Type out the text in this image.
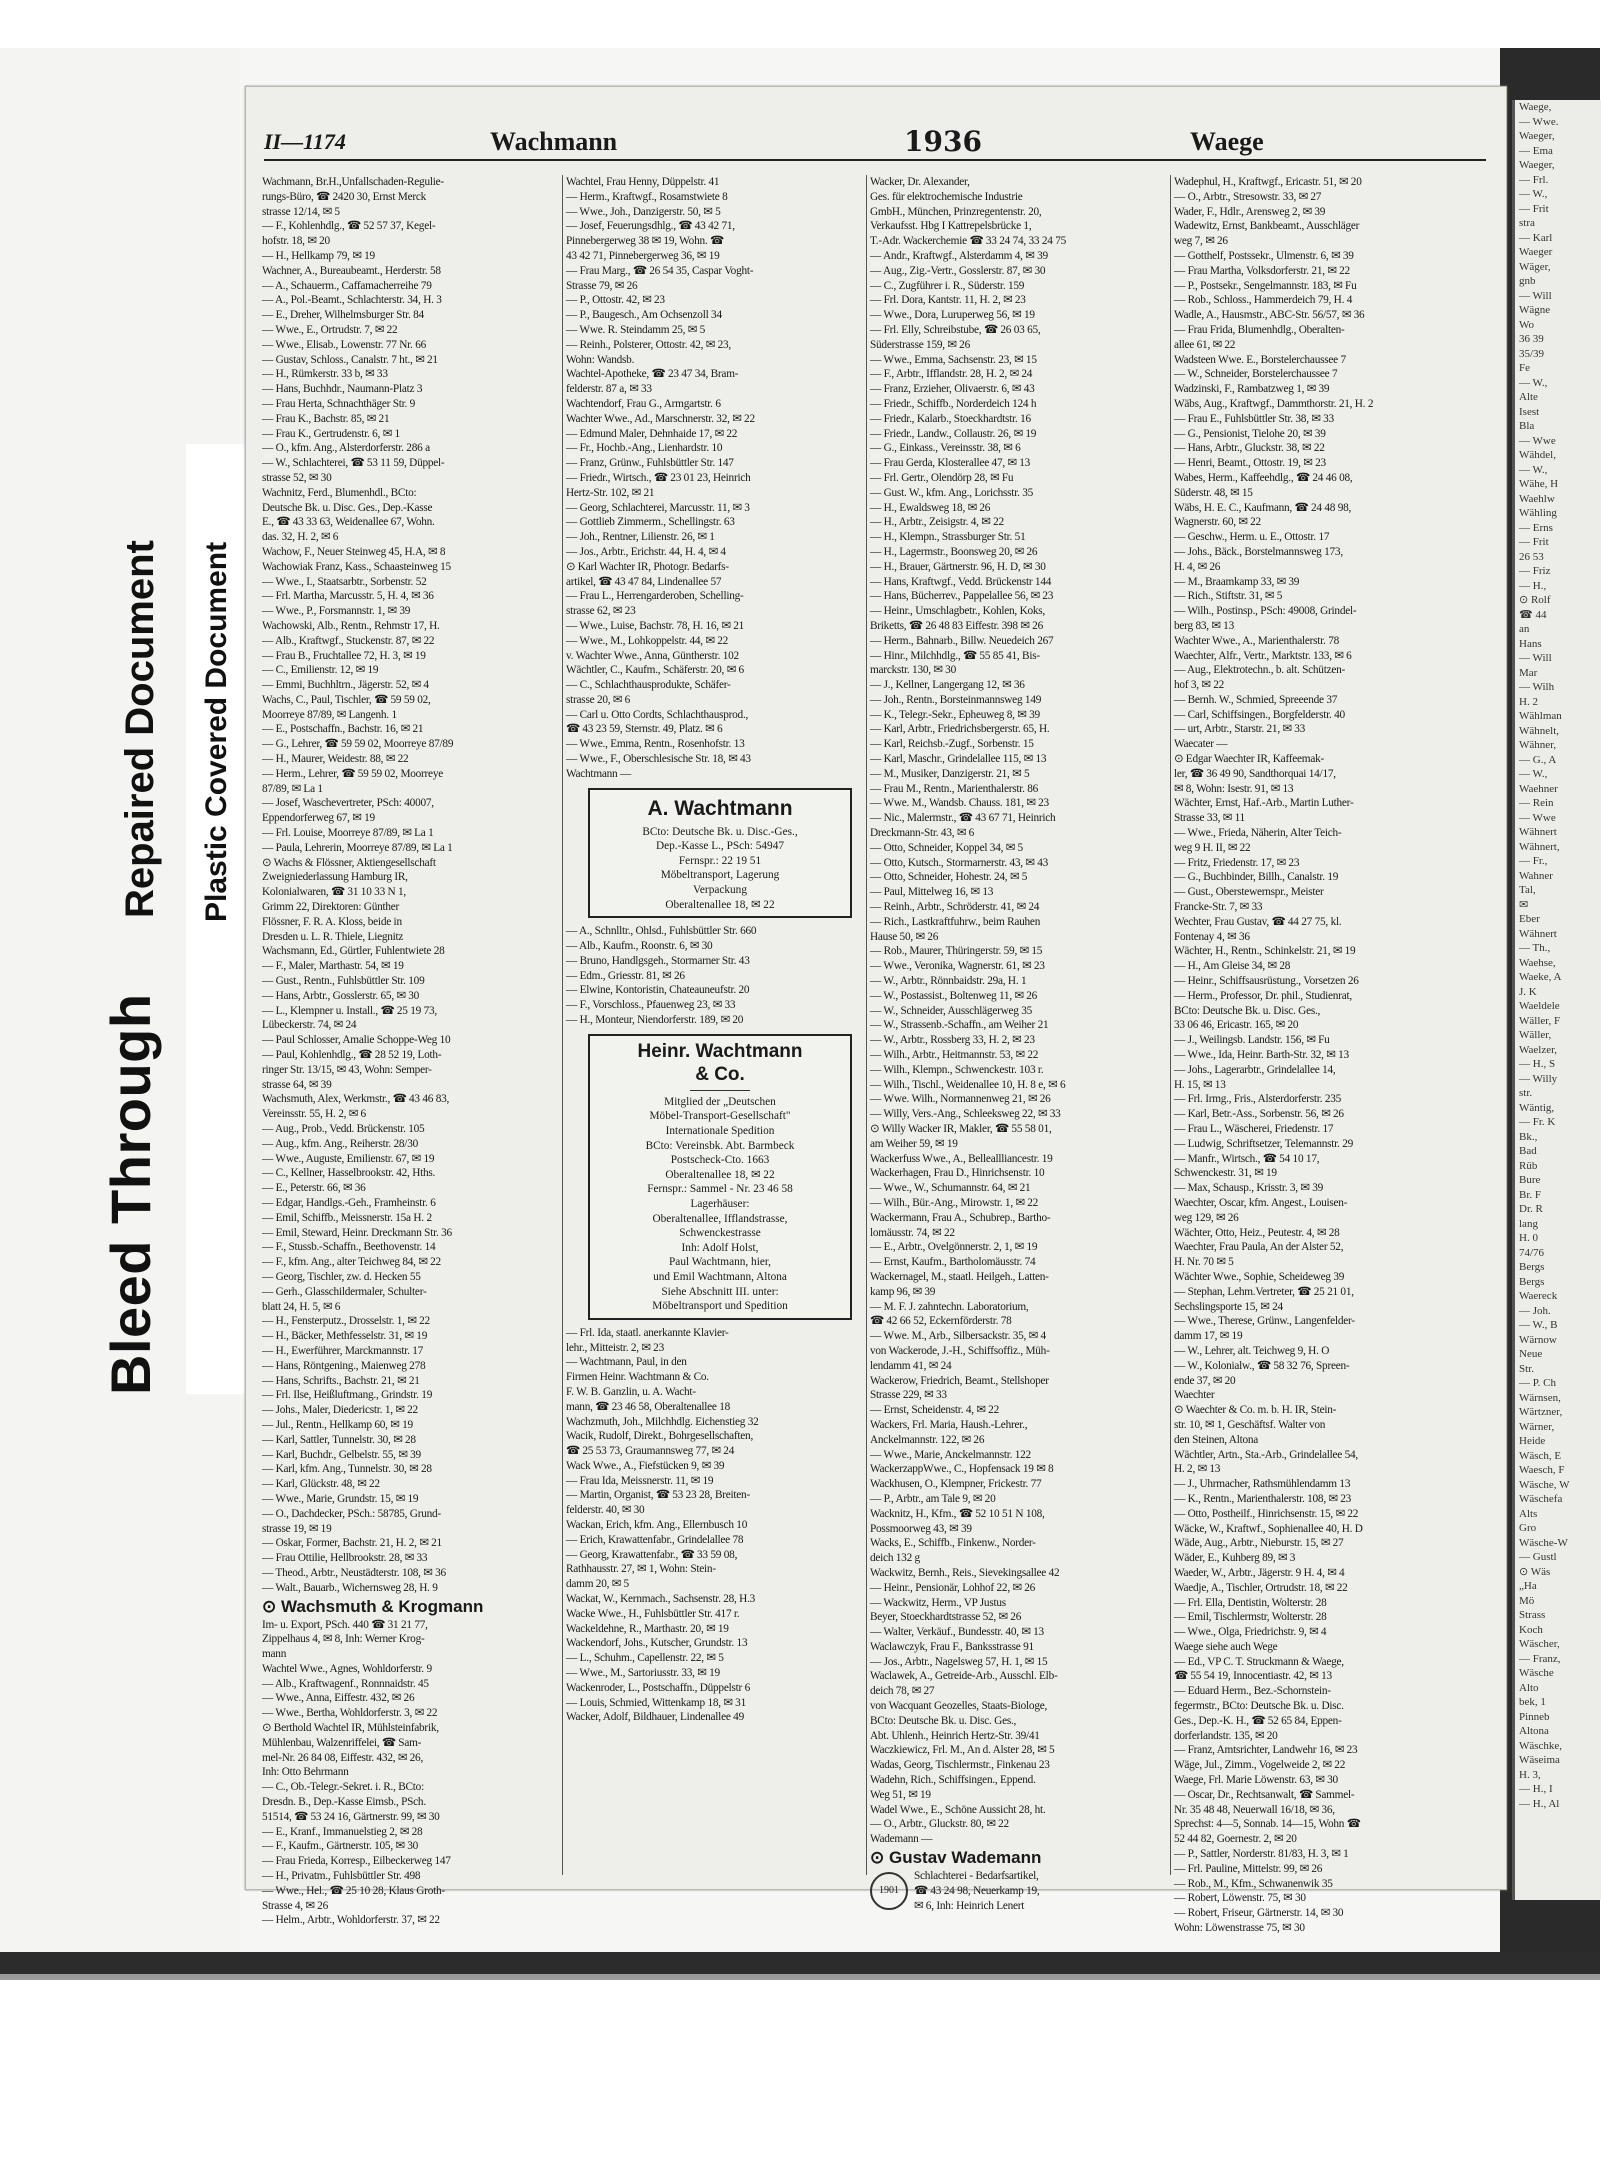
Bleed Through
Repaired Document Plastic Covered Document
II—1174	Wachmann	1936	Waege
Wachmann, Br.H.,Unfallschaden-Regulie-
rungs-Büro, ☎ 2420 30, Ernst Merck
strasse 12/14, ✉ 5
— F., Kohlenhdlg., ☎ 52 57 37, Kegel-
hofstr. 18, ✉ 20
— H., Hellkamp 79, ✉ 19
Wachner, A., Bureaubeamt., Herderstr. 58
— A., Schauerm., Caffamacherreihe 79
— A., Pol.-Beamt., Schlachterstr. 34, H. 3
— E., Dreher, Wilhelmsburger Str. 84
— Wwe., E., Ortrudstr. 7, ✉ 22
— Wwe., Elisab., Lowenstr. 77 Nr. 66
— Gustav, Schloss., Canalstr. 7 ht., ✉ 21
— H., Rümkerstr. 33 b, ✉ 33
— Hans, Buchhdr., Naumann-Platz 3
— Frau Herta, Schnachthäger Str. 9
— Frau K., Bachstr. 85, ✉ 21
— Frau K., Gertrudenstr. 6, ✉ 1
— O., kfm. Ang., Alsterdorferstr. 286 a
— W., Schlachterei, ☎ 53 11 59, Düppel-
strasse 52, ✉ 30
Wachnitz, Ferd., Blumenhdl., BCto:
Deutsche Bk. u. Disc. Ges., Dep.-Kasse
E., ☎ 43 33 63, Weidenallee 67, Wohn.
das. 32, H. 2, ✉ 6
Wachow, F., Neuer Steinweg 45, H.A, ✉ 8
Wachowiak Franz, Kass., Schaasteinweg 15
— Wwe., I., Staatsarbtr., Sorbenstr. 52
— Frl. Martha, Marcusstr. 5, H. 4, ✉ 36
— Wwe., P., Forsmannstr. 1, ✉ 39
Wachowski, Alb., Rentn., Rehmstr 17, H.
— Alb., Kraftwgf., Stuckenstr. 87, ✉ 22
— Frau B., Fruchtallee 72, H. 3, ✉ 19
— C., Emilienstr. 12, ✉ 19
— Emmi, Buchhltrn., Jägerstr. 52, ✉ 4
Wachs, C., Paul, Tischler, ☎ 59 59 02,
Moorreye 87/89, ✉ Langenh. 1
— E., Postschaffn., Bachstr. 16, ✉ 21
— G., Lehrer, ☎ 59 59 02, Moorreye 87/89
— H., Maurer, Weidestr. 88, ✉ 22
— Herm., Lehrer, ☎ 59 59 02, Moorreye
87/89, ✉ La 1
— Josef, Waschevertreter, PSch: 40007,
Eppendorferweg 67, ✉ 19
— Frl. Louise, Moorreye 87/89, ✉ La 1
— Paula, Lehrerin, Moorreye 87/89, ✉ La 1
⊙ Wachs & Flössner, Aktiengesellschaft
Zweigniederlassung Hamburg IR,
Kolonialwaren, ☎ 31 10 33 N 1,
Grimm 22, Direktoren: Günther
Flössner, F. R. A. Kloss, beide in
Dresden u. L. R. Thiele, Liegnitz
Wachsmann, Ed., Gürtler, Fuhlentwiete 28
— F., Maler, Marthastr. 54, ✉ 19
— Gust., Rentn., Fuhlsbüttler Str. 109
— Hans, Arbtr., Gosslerstr. 65, ✉ 30
— L., Klempner u. Install., ☎ 25 19 73,
Lübeckerstr. 74, ✉ 24
— Paul Schlosser, Amalie Schoppe-Weg 10
— Paul, Kohlenhdlg., ☎ 28 52 19, Loth-
ringer Str. 13/15, ✉ 43, Wohn: Semper-
strasse 64, ✉ 39
Wachsmuth, Alex, Werkmstr., ☎ 43 46 83,
Vereinsstr. 55, H. 2, ✉ 6
— Aug., Prob., Vedd. Brückenstr. 105
— Aug., kfm. Ang., Reiherstr. 28/30
— Wwe., Auguste, Emilienstr. 67, ✉ 19
— C., Kellner, Hasselbrookstr. 42, Hths.
— E., Peterstr. 66, ✉ 36
— Edgar, Handlgs.-Geh., Framheinstr. 6
— Emil, Schiffb., Meissnerstr. 15a H. 2
— Emil, Steward, Heinr. Dreckmann Str. 36
— F., Stussb.-Schaffn., Beethovenstr. 14
— F., kfm. Ang., alter Teichweg 84, ✉ 22
— Georg, Tischler, zw. d. Hecken 55
— Gerh., Glasschildermaler, Schulter-
blatt 24, H. 5, ✉ 6
— H., Fensterputz., Drosselstr. 1, ✉ 22
— H., Bäcker, Methfesselstr. 31, ✉ 19
— H., Ewerführer, Marckmannstr. 17
— Hans, Röntgening., Maienweg 278
— Hans, Schrifts., Bachstr. 21, ✉ 21
— Frl. Ilse, Heißluftmang., Grindstr. 19
— Johs., Maler, Diedericstr. 1, ✉ 22
— Jul., Rentn., Hellkamp 60, ✉ 19
— Karl, Sattler, Tunnelstr. 30, ✉ 28
— Karl, Buchdr., Gelbelstr. 55, ✉ 39
— Karl, kfm. Ang., Tunnelstr. 30, ✉ 28
— Karl, Glückstr. 48, ✉ 22
— Wwe., Marie, Grundstr. 15, ✉ 19
— O., Dachdecker, PSch.: 58785, Grund-
strasse 19, ✉ 19
— Oskar, Former, Bachstr. 21, H. 2, ✉ 21
— Frau Ottilie, Hellbrookstr. 28, ✉ 33
— Theod., Arbtr., Neustädterstr. 108, ✉ 36
— Walt., Bauarb., Wichernsweg 28, H. 9
⊙ Wachsmuth & Krogmann
Im- u. Export, PSch. 440 ☎ 31 21 77,
Zippelhaus 4, ✉ 8, Inh: Werner Krog-
mann
Wachtel Wwe., Agnes, Wohldorferstr. 9
— Alb., Kraftwagenf., Ronnnaidstr. 45
— Wwe., Anna, Eiffestr. 432, ✉ 26
— Wwe., Bertha, Wohldorferstr. 3, ✉ 22
⊙ Berthold Wachtel IR, Mühlsteinfabrik,
Mühlenbau, Walzenriffelei, ☎ Sam-
mel-Nr. 26 84 08, Eiffestr. 432, ✉ 26,
Inh: Otto Behrmann
— C., Ob.-Telegr.-Sekret. i. R., BCto:
Dresdn. B., Dep.-Kasse Eimsb., PSch.
51514, ☎ 53 24 16, Gärtnerstr. 99, ✉ 30
— E., Kranf., Immanuelstieg 2, ✉ 28
— F., Kaufm., Gärtnerstr. 105, ✉ 30
— Frau Frieda, Korresp., Eilbeckerweg 147
— H., Privatm., Fuhlsbüttler Str. 498
— Wwe., Hel., ☎ 25 10 28, Klaus Groth-
Strasse 4, ✉ 26
— Helm., Arbtr., Wohldorferstr. 37, ✉ 22
Wachtel, Frau Henny, Düppelstr. 41
— Herm., Kraftwgf., Rosamstwiete 8
— Wwe., Joh., Danzigerstr. 50, ✉ 5
— Josef, Feuerungsdhlg., ☎ 43 42 71,
Pinnebergerweg 38 ✉ 19, Wohn. ☎
43 42 71, Pinnebergerweg 36, ✉ 19
— Frau Marg., ☎ 26 54 35, Caspar Voght-
Strasse 79, ✉ 26
— P., Ottostr. 42, ✉ 23
— P., Baugesch., Am Ochsenzoll 34
— Wwe. R. Steindamm 25, ✉ 5
— Reinh., Polsterer, Ottostr. 42, ✉ 23,
Wohn: Wandsb.
Wachtel-Apotheke, ☎ 23 47 34, Bram-
felderstr. 87 a, ✉ 33
Wachtendorf, Frau G., Armgartstr. 6
Wachter Wwe., Ad., Marschnerstr. 32, ✉ 22
— Edmund Maler, Dehnhaide 17, ✉ 22
— Fr., Hochb.-Ang., Lienhardstr. 10
— Franz, Grünw., Fuhlsbüttler Str. 147
— Friedr., Wirtsch., ☎ 23 01 23, Heinrich
Hertz-Str. 102, ✉ 21
— Georg, Schlachterei, Marcusstr. 11, ✉ 3
— Gottlieb Zimmerm., Schellingstr. 63
— Joh., Rentner, Lilienstr. 26, ✉ 1
— Jos., Arbtr., Erichstr. 44, H. 4, ✉ 4
⊙ Karl Wachter IR, Photogr. Bedarfs-
artikel, ☎ 43 47 84, Lindenallee 57
— Frau L., Herrengarderoben, Schelling-
strasse 62, ✉ 23
— Wwe., Luise, Bachstr. 78, H. 16, ✉ 21
— Wwe., M., Lohkoppelstr. 44, ✉ 22
v. Wachter Wwe., Anna, Güntherstr. 102
Wächtler, C., Kaufm., Schäferstr. 20, ✉ 6
— C., Schlachthausprodukte, Schäfer-
strasse 20, ✉ 6
— Carl u. Otto Cordts, Schlachthausprod.,
☎ 43 23 59, Sternstr. 49, Platz. ✉ 6
— Wwe., Emma, Rentn., Rosenhofstr. 13
— Wwe., F., Oberschlesische Str. 18, ✉ 43
Wachtmann —
A. Wachtmann
BCto: Deutsche Bk. u. Disc.-Ges.,
Dep.-Kasse L., PSch: 54947
Fernspr.: 22 19 51
Möbeltransport, Lagerung
Verpackung
Oberaltenallee 18, ✉ 22
— A., Schnlltr., Ohlsd., Fuhlsbüttler Str. 660
— Alb., Kaufm., Roonstr. 6, ✉ 30
— Bruno, Handlgsgeh., Stormarner Str. 43
— Edm., Griesstr. 81, ✉ 26
— Elwine, Kontoristin, Chateauneufstr. 20
— F., Vorschloss., Pfauenweg 23, ✉ 33
— H., Monteur, Niendorferstr. 189, ✉ 20
Heinr. Wachtmann
& Co.
Mitglied der „Deutschen
Möbel-Transport-Gesellschaft"
Internationale Spedition
BCto: Vereinsbk. Abt. Barmbeck
Postscheck-Cto. 1663
Oberaltenallee 18, ✉ 22
Fernspr.: Sammel - Nr. 23 46 58
Lagerhäuser:
Oberaltenallee, Ifflandstrasse,
Schwenckestrasse
Inh: Adolf Holst,
Paul Wachtmann, hier,
und Emil Wachtmann, Altona
Siehe Abschnitt III. unter:
Möbeltransport und Spedition
— Frl. Ida, staatl. anerkannte Klavier-
lehr., Mitteistr. 2, ✉ 23
— Wachtmann, Paul, in den
Firmen Heinr. Wachtmann & Co.
F. W. B. Ganzlin, u. A. Wacht-
mann, ☎ 23 46 58, Oberaltenallee 18
Wachzmuth, Joh., Milchhdlg. Eichenstieg 32
Wacik, Rudolf, Direkt., Bohrgesellschaften,
☎ 25 53 73, Graumannsweg 77, ✉ 24
Wack Wwe., A., Fiefstücken 9, ✉ 39
— Frau Ida, Meissnerstr. 11, ✉ 19
— Martin, Organist, ☎ 53 23 28, Breiten-
felderstr. 40, ✉ 30
Wackan, Erich, kfm. Ang., Ellernbusch 10
— Erich, Krawattenfabr., Grindelallee 78
— Georg, Krawattenfabr., ☎ 33 59 08,
Rathhausstr. 27, ✉ 1, Wohn: Stein-
damm 20, ✉ 5
Wackat, W., Kernmach., Sachsenstr. 28, H.3
Wacke Wwe., H., Fuhlsbüttler Str. 417 r.
Wackeldehne, R., Marthastr. 20, ✉ 19
Wackendorf, Johs., Kutscher, Grundstr. 13
— L., Schuhm., Capellenstr. 22, ✉ 5
— Wwe., M., Sartoriusstr. 33, ✉ 19
Wackenroder, L., Postschaffn., Düppelstr 6
— Louis, Schmied, Wittenkamp 18, ✉ 31
Wacker, Adolf, Bildhauer, Lindenallee 49
Wacker, Dr. Alexander,
Ges. für elektrochemische Industrie
GmbH., München, Prinzregentenstr. 20,
Verkaufsst. Hbg I Kattrepelsbrücke 1,
T.-Adr. Wackerchemie ☎ 33 24 74, 33 24 75
— Andr., Kraftwgf., Alsterdamm 4, ✉ 39
— Aug., Zig.-Vertr., Gosslerstr. 87, ✉ 30
— C., Zugführer i. R., Süderstr. 159
— Frl. Dora, Kantstr. 11, H. 2, ✉ 23
— Wwe., Dora, Luruperweg 56, ✉ 19
— Frl. Elly, Schreibstube, ☎ 26 03 65,
Süderstrasse 159, ✉ 26
— Wwe., Emma, Sachsenstr. 23, ✉ 15
— F., Arbtr., Ifflandstr. 28, H. 2, ✉ 24
— Franz, Erzieher, Olivaerstr. 6, ✉ 43
— Friedr., Schiffb., Norderdeich 124 h
— Friedr., Kalarb., Stoeckhardtstr. 16
— Friedr., Landw., Collaustr. 26, ✉ 19
— G., Einkass., Vereinsstr. 38, ✉ 6
— Frau Gerda, Klosterallee 47, ✉ 13
— Frl. Gertr., Olendörp 28, ✉ Fu
— Gust. W., kfm. Ang., Lorichsstr. 35
— H., Ewaldsweg 18, ✉ 26
— H., Arbtr., Zeisigstr. 4, ✉ 22
— H., Klempn., Strassburger Str. 51
— H., Lagermstr., Boonsweg 20, ✉ 26
— H., Brauer, Gärtnerstr. 96, H. D, ✉ 30
— Hans, Kraftwgf., Vedd. Brückenstr 144
— Hans, Bücherrev., Pappelallee 56, ✉ 23
— Heinr., Umschlagbetr., Kohlen, Koks,
Briketts, ☎ 26 48 83 Eiffestr. 398 ✉ 26
— Herm., Bahnarb., Billw. Neuedeich 267
— Hinr., Milchhdlg., ☎ 55 85 41, Bis-
marckstr. 130, ✉ 30
— J., Kellner, Langergang 12, ✉ 36
— Joh., Rentn., Borsteinmannsweg 149
— K., Telegr.-Sekr., Epheuweg 8, ✉ 39
— Karl, Arbtr., Friedrichsbergerstr. 65, H.
— Karl, Reichsb.-Zugf., Sorbenstr. 15
— Karl, Maschr., Grindelallee 115, ✉ 13
— M., Musiker, Danzigerstr. 21, ✉ 5
— Frau M., Rentn., Marienthalerstr. 86
— Wwe. M., Wandsb. Chauss. 181, ✉ 23
— Nic., Malermstr., ☎ 43 67 71, Heinrich
Dreckmann-Str. 43, ✉ 6
— Otto, Schneider, Koppel 34, ✉ 5
— Otto, Kutsch., Stormarnerstr. 43, ✉ 43
— Otto, Schneider, Hohestr. 24, ✉ 5
— Paul, Mittelweg 16, ✉ 13
— Reinh., Arbtr., Schröderstr. 41, ✉ 24
— Rich., Lastkraftfuhrw., beim Rauhen
Hause 50, ✉ 26
— Rob., Maurer, Thüringerstr. 59, ✉ 15
— Wwe., Veronika, Wagnerstr. 61, ✉ 23
— W., Arbtr., Rönnbaidstr. 29a, H. 1
— W., Postassist., Boltenweg 11, ✉ 26
— W., Schneider, Ausschlägerweg 35
— W., Strassenb.-Schaffn., am Weiher 21
— W., Arbtr., Rossberg 33, H. 2, ✉ 23
— Wilh., Arbtr., Heitmannstr. 53, ✉ 22
— Wilh., Klempn., Schwenckestr. 103 r.
— Wilh., Tischl., Weidenallee 10, H. 8 e, ✉ 6
— Wwe. Wilh., Normannenweg 21, ✉ 26
— Willy, Vers.-Ang., Schleeksweg 22, ✉ 33
⊙ Willy Wacker IR, Makler, ☎ 55 58 01,
am Weiher 59, ✉ 19
Wackerfuss Wwe., A., Belleallliancestr. 19
Wackerhagen, Frau D., Hinrichsenstr. 10
— Wwe., W., Schumannstr. 64, ✉ 21
— Wilh., Bür.-Ang., Mirowstr. 1, ✉ 22
Wackermann, Frau A., Schubrep., Bartho-
lomäusstr. 74, ✉ 22
— E., Arbtr., Ovelgönnerstr. 2, 1, ✉ 19
— Ernst, Kaufm., Bartholomäusstr. 74
Wackernagel, M., staatl. Heilgeh., Latten-
kamp 96, ✉ 39
— M. F. J. zahntechn. Laboratorium,
☎ 42 66 52, Eckernförderstr. 78
— Wwe. M., Arb., Silbersackstr. 35, ✉ 4
von Wackerode, J.-H., Schiffsoffiz., Müh-
lendamm 41, ✉ 24
Wackerow, Friedrich, Beamt., Stellshoper
Strasse 229, ✉ 33
— Ernst, Scheidenstr. 4, ✉ 22
Wackers, Frl. Maria, Haush.-Lehrer.,
Anckelmannstr. 122, ✉ 26
— Wwe., Marie, Anckelmannstr. 122
WackerzappWwe., C., Hopfensack 19 ✉ 8
Wackhusen, O., Klempner, Frickestr. 77
— P., Arbtr., am Tale 9, ✉ 20
Wacknitz, H., Kfm., ☎ 52 10 51 N 108,
Possmoorweg 43, ✉ 39
Wacks, E., Schiffb., Finkenw., Norder-
deich 132 g
Wackwitz, Bernh., Reis., Sievekingsallee 42
— Heinr., Pensionär, Lohhof 22, ✉ 26
— Wackwitz, Herm., VP Justus
Beyer, Stoeckhardtstrasse 52, ✉ 26
— Walter, Verkäuf., Bundesstr. 40, ✉ 13
Waclawczyk, Frau F., Banksstrasse 91
— Jos., Arbtr., Nagelsweg 57, H. 1, ✉ 15
Waclawek, A., Getreide-Arb., Ausschl. Elb-
deich 78, ✉ 27
von Wacquant Geozelles, Staats-Biologe,
BCto: Deutsche Bk. u. Disc. Ges.,
Abt. Uhlenh., Heinrich Hertz-Str. 39/41
Waczkiewicz, Frl. M., An d. Alster 28, ✉ 5
Wadas, Georg, Tischlermstr., Finkenau 23
Wadehn, Rich., Schiffsingen., Eppend.
Weg 51, ✉ 19
Wadel Wwe., E., Schöne Aussicht 28, ht.
— O., Arbtr., Gluckstr. 80, ✉ 22
Wademann —
⊙ Gustav Wademann
1901
Schlachterei - Bedarfsartikel,
☎ 43 24 98, Neuerkamp 19,
✉ 6, Inh: Heinrich Lenert
Wadephul, H., Kraftwgf., Ericastr. 51, ✉ 20
— O., Arbtr., Stresowstr. 33, ✉ 27
Wader, F., Hdlr., Arensweg 2, ✉ 39
Wadewitz, Ernst, Bankbeamt., Ausschläger
weg 7, ✉ 26
— Gotthelf, Postssekr., Ulmenstr. 6, ✉ 39
— Frau Martha, Volksdorferstr. 21, ✉ 22
— P., Postsekr., Sengelmannstr. 183, ✉ Fu
— Rob., Schloss., Hammerdeich 79, H. 4
Wadle, A., Hausmstr., ABC-Str. 56/57, ✉ 36
— Frau Frida, Blumenhdlg., Oberalten-
allee 61, ✉ 22
Wadsteen Wwe. E., Borstelerchaussee 7
— W., Schneider, Borstelerchaussee 7
Wadzinski, F., Rambatzweg 1, ✉ 39
Wäbs, Aug., Kraftwgf., Dammthorstr. 21, H. 2
— Frau E., Fuhlsbüttler Str. 38, ✉ 33
— G., Pensionist, Tielohe 20, ✉ 39
— Hans, Arbtr., Gluckstr. 38, ✉ 22
— Henri, Beamt., Ottostr. 19, ✉ 23
Wabes, Herm., Kaffeehdlg., ☎ 24 46 08,
Süderstr. 48, ✉ 15
Wäbs, H. E. C., Kaufmann, ☎ 24 48 98,
Wagnerstr. 60, ✉ 22
— Geschw., Herm. u. E., Ottostr. 17
— Johs., Bäck., Borstelmannsweg 173,
H. 4, ✉ 26
— M., Braamkamp 33, ✉ 39
— Rich., Stiftstr. 31, ✉ 5
— Wilh., Postinsp., PSch: 49008, Grindel-
berg 83, ✉ 13
Wachter Wwe., A., Marienthalerstr. 78
Waechter, Alfr., Vertr., Marktstr. 133, ✉ 6
— Aug., Elektrotechn., b. alt. Schützen-
hof 3, ✉ 22
— Bernh. W., Schmied, Spreeende 37
— Carl, Schiffsingen., Borgfelderstr. 40
— urt, Arbtr., Starstr. 21, ✉ 33
Waecater —
⊙ Edgar Waechter IR, Kaffeemak-
ler, ☎ 36 49 90, Sandthorquai 14/17,
✉ 8, Wohn: Isestr. 91, ✉ 13
Wächter, Ernst, Haf.-Arb., Martin Luther-
Strasse 33, ✉ 11
— Wwe., Frieda, Näherin, Alter Teich-
weg 9 H. II, ✉ 22
— Fritz, Friedenstr. 17, ✉ 23
— G., Buchbinder, Billh., Canalstr. 19
— Gust., Oberstewernspr., Meister
Francke-Str. 7, ✉ 33
Wechter, Frau Gustav, ☎ 44 27 75, kl.
Fontenay 4, ✉ 36
Wächter, H., Rentn., Schinkelstr. 21, ✉ 19
— H., Am Gleise 34, ✉ 28
— Heinr., Schiffsausrüstung., Vorsetzen 26
— Herm., Professor, Dr. phil., Studienrat,
BCto: Deutsche Bk. u. Disc. Ges.,
33 06 46, Ericastr. 165, ✉ 20
— J., Weilingsb. Landstr. 156, ✉ Fu
— Wwe., Ida, Heinr. Barth-Str. 32, ✉ 13
— Johs., Lagerarbtr., Grindelallee 14,
H. 15, ✉ 13
— Frl. Irmg., Fris., Alsterdorferstr. 235
— Karl, Betr.-Ass., Sorbenstr. 56, ✉ 26
— Frau L., Wäscherei, Friedenstr. 17
— Ludwig, Schriftsetzer, Telemannstr. 29
— Manfr., Wirtsch., ☎ 54 10 17,
Schwenckestr. 31, ✉ 19
— Max, Schausp., Krisstr. 3, ✉ 39
Waechter, Oscar, kfm. Angest., Louisen-
weg 129, ✉ 26
Wächter, Otto, Heiz., Peutestr. 4, ✉ 28
Waechter, Frau Paula, An der Alster 52,
H. Nr. 70 ✉ 5
Wächter Wwe., Sophie, Scheideweg 39
— Stephan, Lehm.Vertreter, ☎ 25 21 01,
Sechslingsporte 15, ✉ 24
— Wwe., Therese, Grünw., Langenfelder-
damm 17, ✉ 19
— W., Lehrer, alt. Teichweg 9, H. O
— W., Kolonialw., ☎ 58 32 76, Spreen-
ende 37, ✉ 20
Waechter
⊙ Waechter & Co. m. b. H. IR, Stein-
str. 10, ✉ 1, Geschäftsf. Walter von
den Steinen, Altona
Wächtler, Artn., Sta.-Arb., Grindelallee 54,
H. 2, ✉ 13
— J., Uhrmacher, Rathsmühlendamm 13
— K., Rentn., Marienthalerstr. 108, ✉ 23
— Otto, Postheilf., Hinrichsenstr. 15, ✉ 22
Wäcke, W., Kraftwf., Sophienallee 40, H. D
Wäde, Aug., Arbtr., Nieburstr. 15, ✉ 27
Wäder, E., Kuhberg 89, ✉ 3
Waeder, W., Arbtr., Jägerstr. 9 H. 4, ✉ 4
Waedje, A., Tischler, Ortrudstr. 18, ✉ 22
— Frl. Ella, Dentistin, Wolterstr. 28
— Emil, Tischlermstr, Wolterstr. 28
— Wwe., Olga, Friedrichstr. 9, ✉ 4
Waege siehe auch Wege
— Ed., VP C. T. Struckmann & Waege,
☎ 55 54 19, Innocentiastr. 42, ✉ 13
— Eduard Herm., Bez.-Schornstein-
fegermstr., BCto: Deutsche Bk. u. Disc.
Ges., Dep.-K. H., ☎ 52 65 84, Eppen-
dorferlandstr. 135, ✉ 20
— Franz, Amtsrichter, Landwehr 16, ✉ 23
Wäge, Jul., Zimm., Vogelweide 2, ✉ 22
Waege, Frl. Marie Löwenstr. 63, ✉ 30
— Oscar, Dr., Rechtsanwalt, ☎ Sammel-
Nr. 35 48 48, Neuerwall 16/18, ✉ 36,
Sprechst: 4—5, Sonnab. 14—15, Wohn ☎
52 44 82, Goernestr. 2, ✉ 20
— P., Sattler, Norderstr. 81/83, H. 3, ✉ 1
— Frl. Pauline, Mittelstr. 99, ✉ 26
— Rob., M., Kfm., Schwanenwik 35
— Robert, Löwenstr. 75, ✉ 30
— Robert, Friseur, Gärtnerstr. 14, ✉ 30
Wohn: Löwenstrasse 75, ✉ 30
Waege,
— Wwe.
Waeger,
— Ema
Waeger,
— Frl.
— W.,
— Frit
stra
— Karl
Waeger
Wäger,
gnb
— Will
Wägne
Wo
36 39
35/39
Fe
— W.,
Alte
Isest
Bla
— Wwe
Wähdel,
— W.,
Wähe, H
Waehlw
Wähling
— Erns
— Frit
26 53
— Friz
— H.,
⊙ Rolf
☎ 44
an
Hans
— Will
Mar
— Wilh
H. 2
Wählman
Wähnelt,
Wähner,
— G., A
— W.,
Waehner
— Rein
— Wwe
Wähnert
Wähnert,
— Fr.,
Wahner
Tal,
✉
Eber
Wähnert
— Th.,
Waehse,
Waeke, A
J. K
Waeldele
Wäller, F
Wäller,
Waelzer,
— H., S
— Willy
str.
Wäntig,
— Fr. K
Bk.,
Bad
Rüb
Bure
Br. F
Dr. R
lang
H. 0
74/76
Bergs
Bergs
Waereck
— Joh.
— W., B
Wärnow
Neue
Str.
— P. Ch
Wärnsen,
Wärtzner,
Wärner,
Heide
Wäsch, E
Waesch, F
Wäsche, W
Wäschefa
Alts
Gro
Wäsche-W
— Gustl
⊙ Wäs
„Ha
Mö
Strass
Koch
Wäscher,
— Franz,
Wäsche
Alto
bek, 1
Pinneb
Altona
Wäschke,
Wäseima
H. 3,
— H., I
— H., Al
